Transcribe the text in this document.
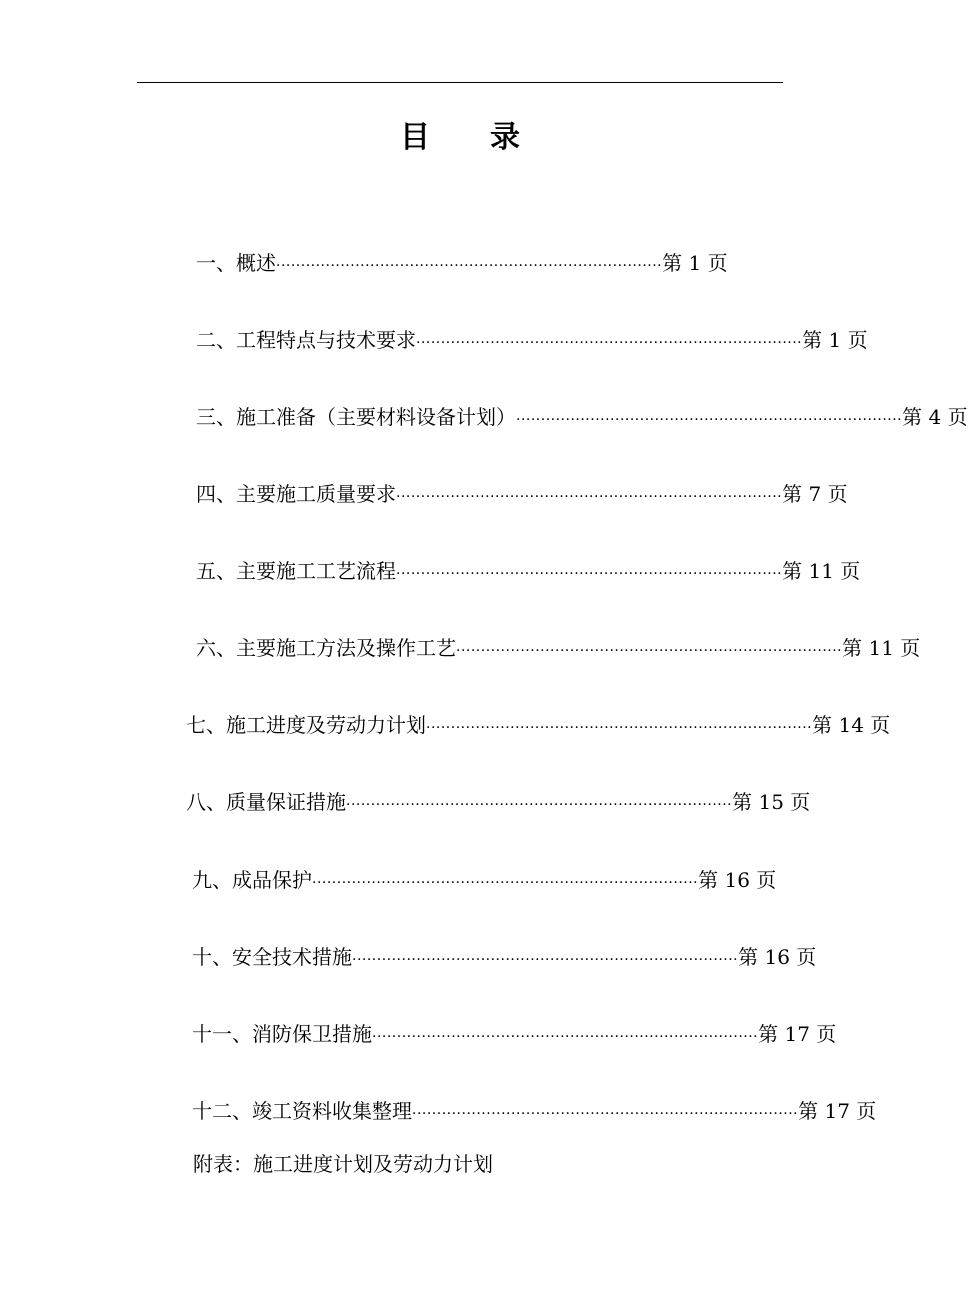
目 录
一、概述 ·············································································· 第 1 页
二、工程特点与技术要求 ·············································································· 第 1 页
三、施工准备（主要材料设备计划） ·············································································· 第 4 页
四、主要施工质量要求 ·············································································· 第 7 页
五、主要施工工艺流程 ·············································································· 第 11 页
六、主要施工方法及操作工艺 ·············································································· 第 11 页
七、施工进度及劳动力计划 ·············································································· 第 14 页
八、质量保证措施 ·············································································· 第 15 页
九、成品保护 ·············································································· 第 16 页
十、安全技术措施 ·············································································· 第 16 页
十一、消防保卫措施 ·············································································· 第 17 页
十二、竣工资料收集整理 ·············································································· 第 17 页
附表：施工进度计划及劳动力计划
